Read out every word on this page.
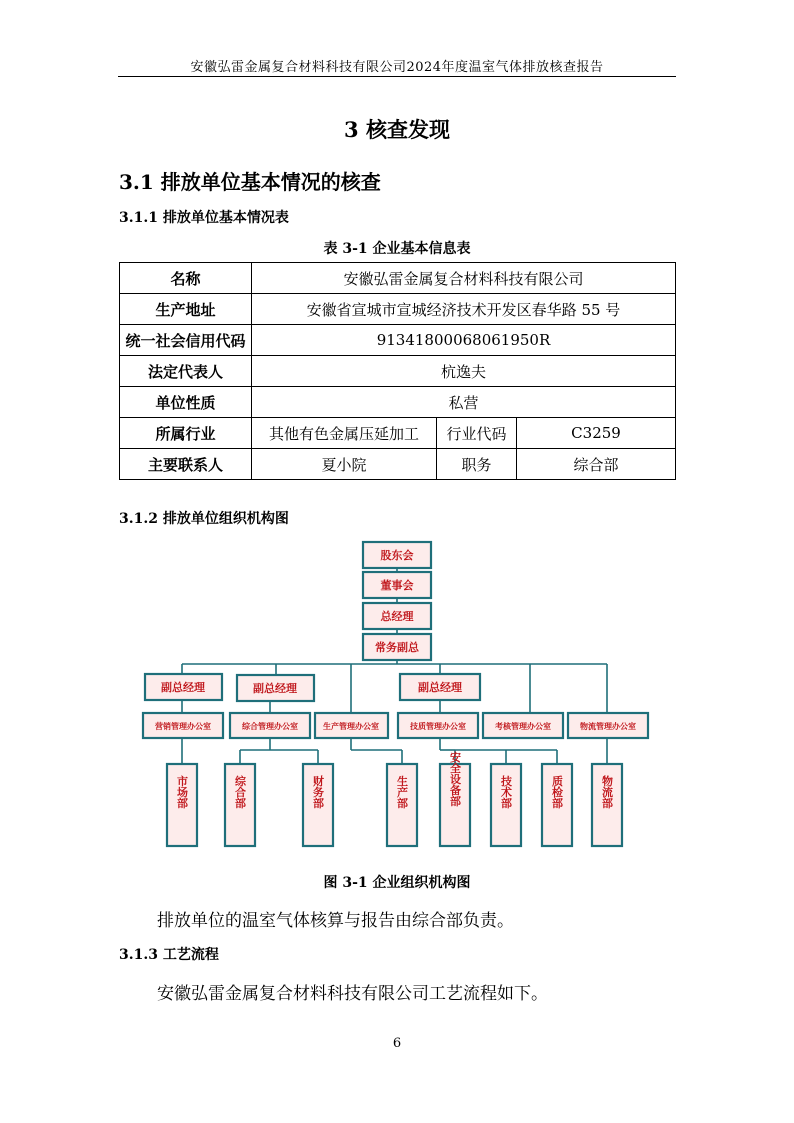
安徽弘雷金属复合材料科技有限公司2024年度温室气体排放核查报告
3 核查发现
3.1 排放单位基本情况的核查
3.1.1 排放单位基本情况表
表 3-1 企业基本信息表
名称	安徽弘雷金属复合材料科技有限公司		
生产地址	安徽省宣城市宣城经济技术开发区春华路 55 号		
统一社会信用代码	91341800068061950R		
法定代表人	杭逸夫		
单位性质	私营		
所属行业	其他有色金属压延加工	行业代码	C3259
主要联系人	夏小院	职务	综合部
3.1.2 排放单位组织机构图
股东会
董事会
总经理
常务副总
副总经理	副总经理	副总经理
营销管理办公室	综合管理办公室	生产管理办公室	技质管理办公室	考核管理办公室	物流管理办公室
市场部	综合部	财务部	生产部	安全设备部	技术部	质检部	物流部
图 3-1 企业组织机构图
排放单位的温室气体核算与报告由综合部负责。
3.1.3 工艺流程
安徽弘雷金属复合材料科技有限公司工艺流程如下。
6
